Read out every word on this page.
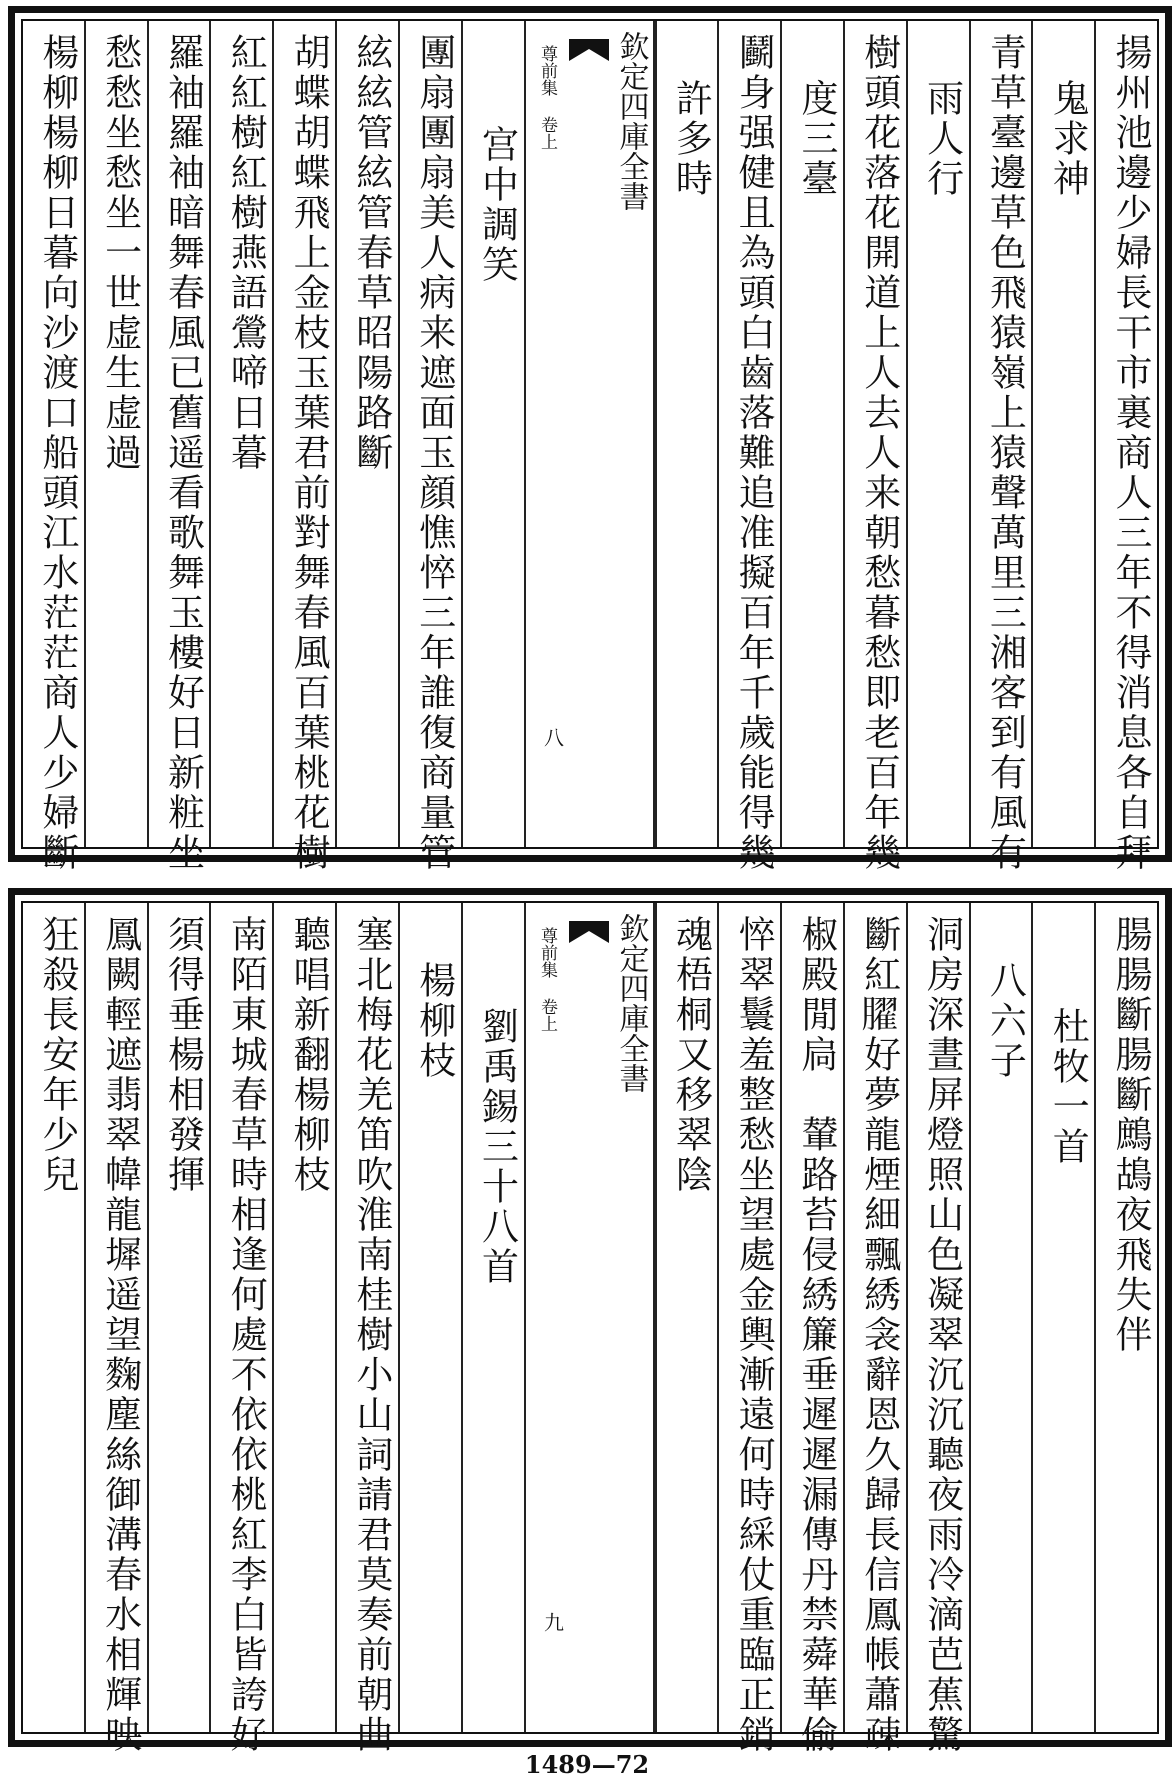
揚州池邊少婦長干市裏商人三年不得消息各自拜
鬼求神
青草臺邊草色飛猿嶺上猿聲萬里三湘客到有風有
雨人行
樹頭花落花開道上人去人来朝愁暮愁即老百年幾
度三臺
鬬身强健且為頭白齒落難追准擬百年千歲能得幾
許多時
欽定四庫全書
尊前集 卷上
八
宫中調笑
團扇團扇美人病来遮面玉顔憔悴三年誰復商量管
絃絃管絃管春草昭陽路斷
胡蝶胡蝶飛上金枝玉葉君前對舞春風百葉桃花樹
紅紅樹紅樹燕語鶯啼日暮
羅袖羅袖暗舞春風已舊遥看歌舞玉樓好日新粧坐
愁愁坐愁坐一世虚生虚過
楊柳楊柳日暮向沙渡口船頭江水茫茫商人少婦斷
腸腸斷腸斷鷓鴣夜飛失伴
杜牧一首
八六子
洞房深晝屏燈照山色凝翠沉沉聽夜雨冷滴芭蕉驚
斷紅𦡱好夢龍煙細飄綉衾辭恩久歸長信鳳帳蕭疎
椒殿閒扃　輦路苔侵綉簾垂遲遲漏傳丹禁蕣華偷
悴翠鬟羞整愁坐望處金輿漸遠何時綵仗重臨正銷
魂梧桐又移翠陰
欽定四庫全書
尊前集 卷上
九
劉禹錫三十八首
楊柳枝
塞北梅花羌笛吹淮南桂樹小山詞請君莫奏前朝曲
聽唱新翻楊柳枝
南陌東城春草時相逢何處不依依桃紅李白皆誇好
須得垂楊相發揮
鳳闕輕遮翡翠幃龍墀遥望麴塵絲御溝春水相輝映
狂殺長安年少兒
1489—72
